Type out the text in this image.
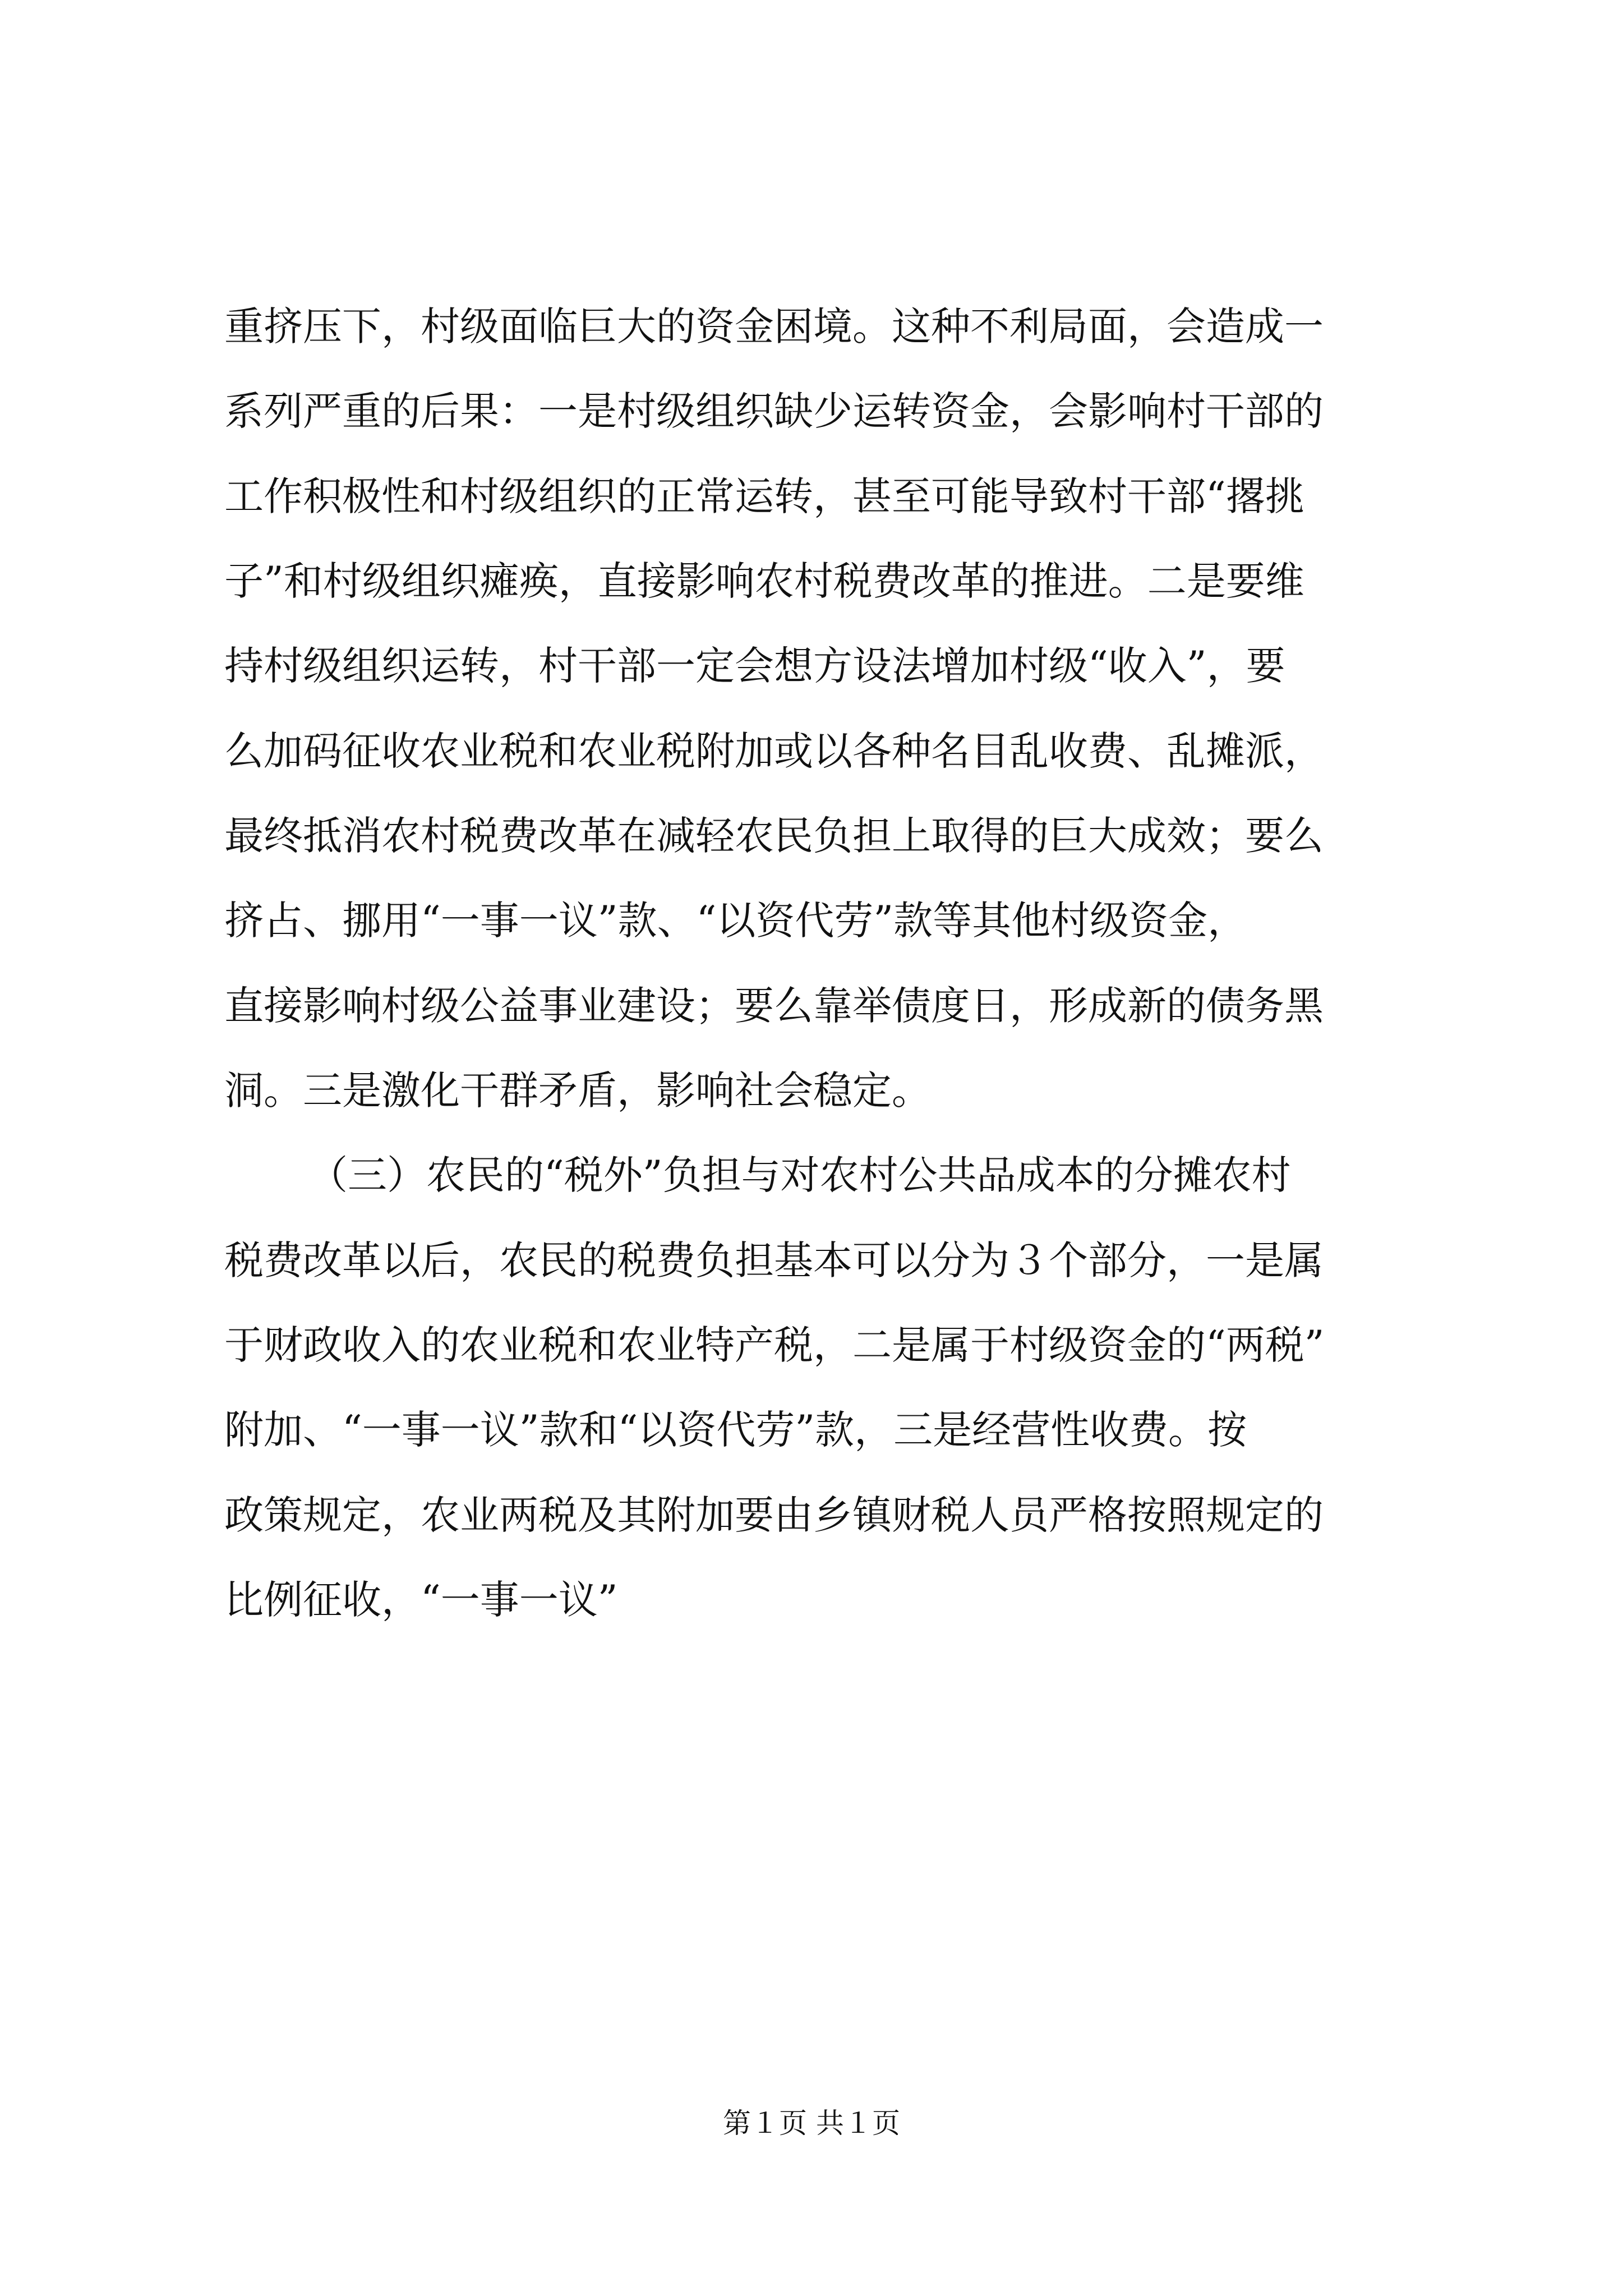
重挤压下，村级面临巨大的资金困境。这种不利局面，会造成一
系列严重的后果：一是村级组织缺少运转资金，会影响村干部的
工作积极性和村级组织的正常运转，甚至可能导致村干部“撂挑
子”和村级组织瘫痪，直接影响农村税费改革的推进。二是要维
持村级组织运转，村干部一定会想方设法增加村级“收入”，要
么加码征收农业税和农业税附加或以各种名目乱收费、乱摊派，
最终抵消农村税费改革在减轻农民负担上取得的巨大成效；要么
挤占、挪用“一事一议”款、“以资代劳”款等其他村级资金，
直接影响村级公益事业建设；要么靠举债度日，形成新的债务黑
洞。三是激化干群矛盾，影响社会稳定。
（三）农民的“税外”负担与对农村公共品成本的分摊农村
税费改革以后，农民的税费负担基本可以分为３个部分，一是属
于财政收入的农业税和农业特产税，二是属于村级资金的“两税”
附加、“一事一议”款和“以资代劳”款，三是经营性收费。按
政策规定，农业两税及其附加要由乡镇财税人员严格按照规定的
比例征收，“一事一议”
第１页 共１页
